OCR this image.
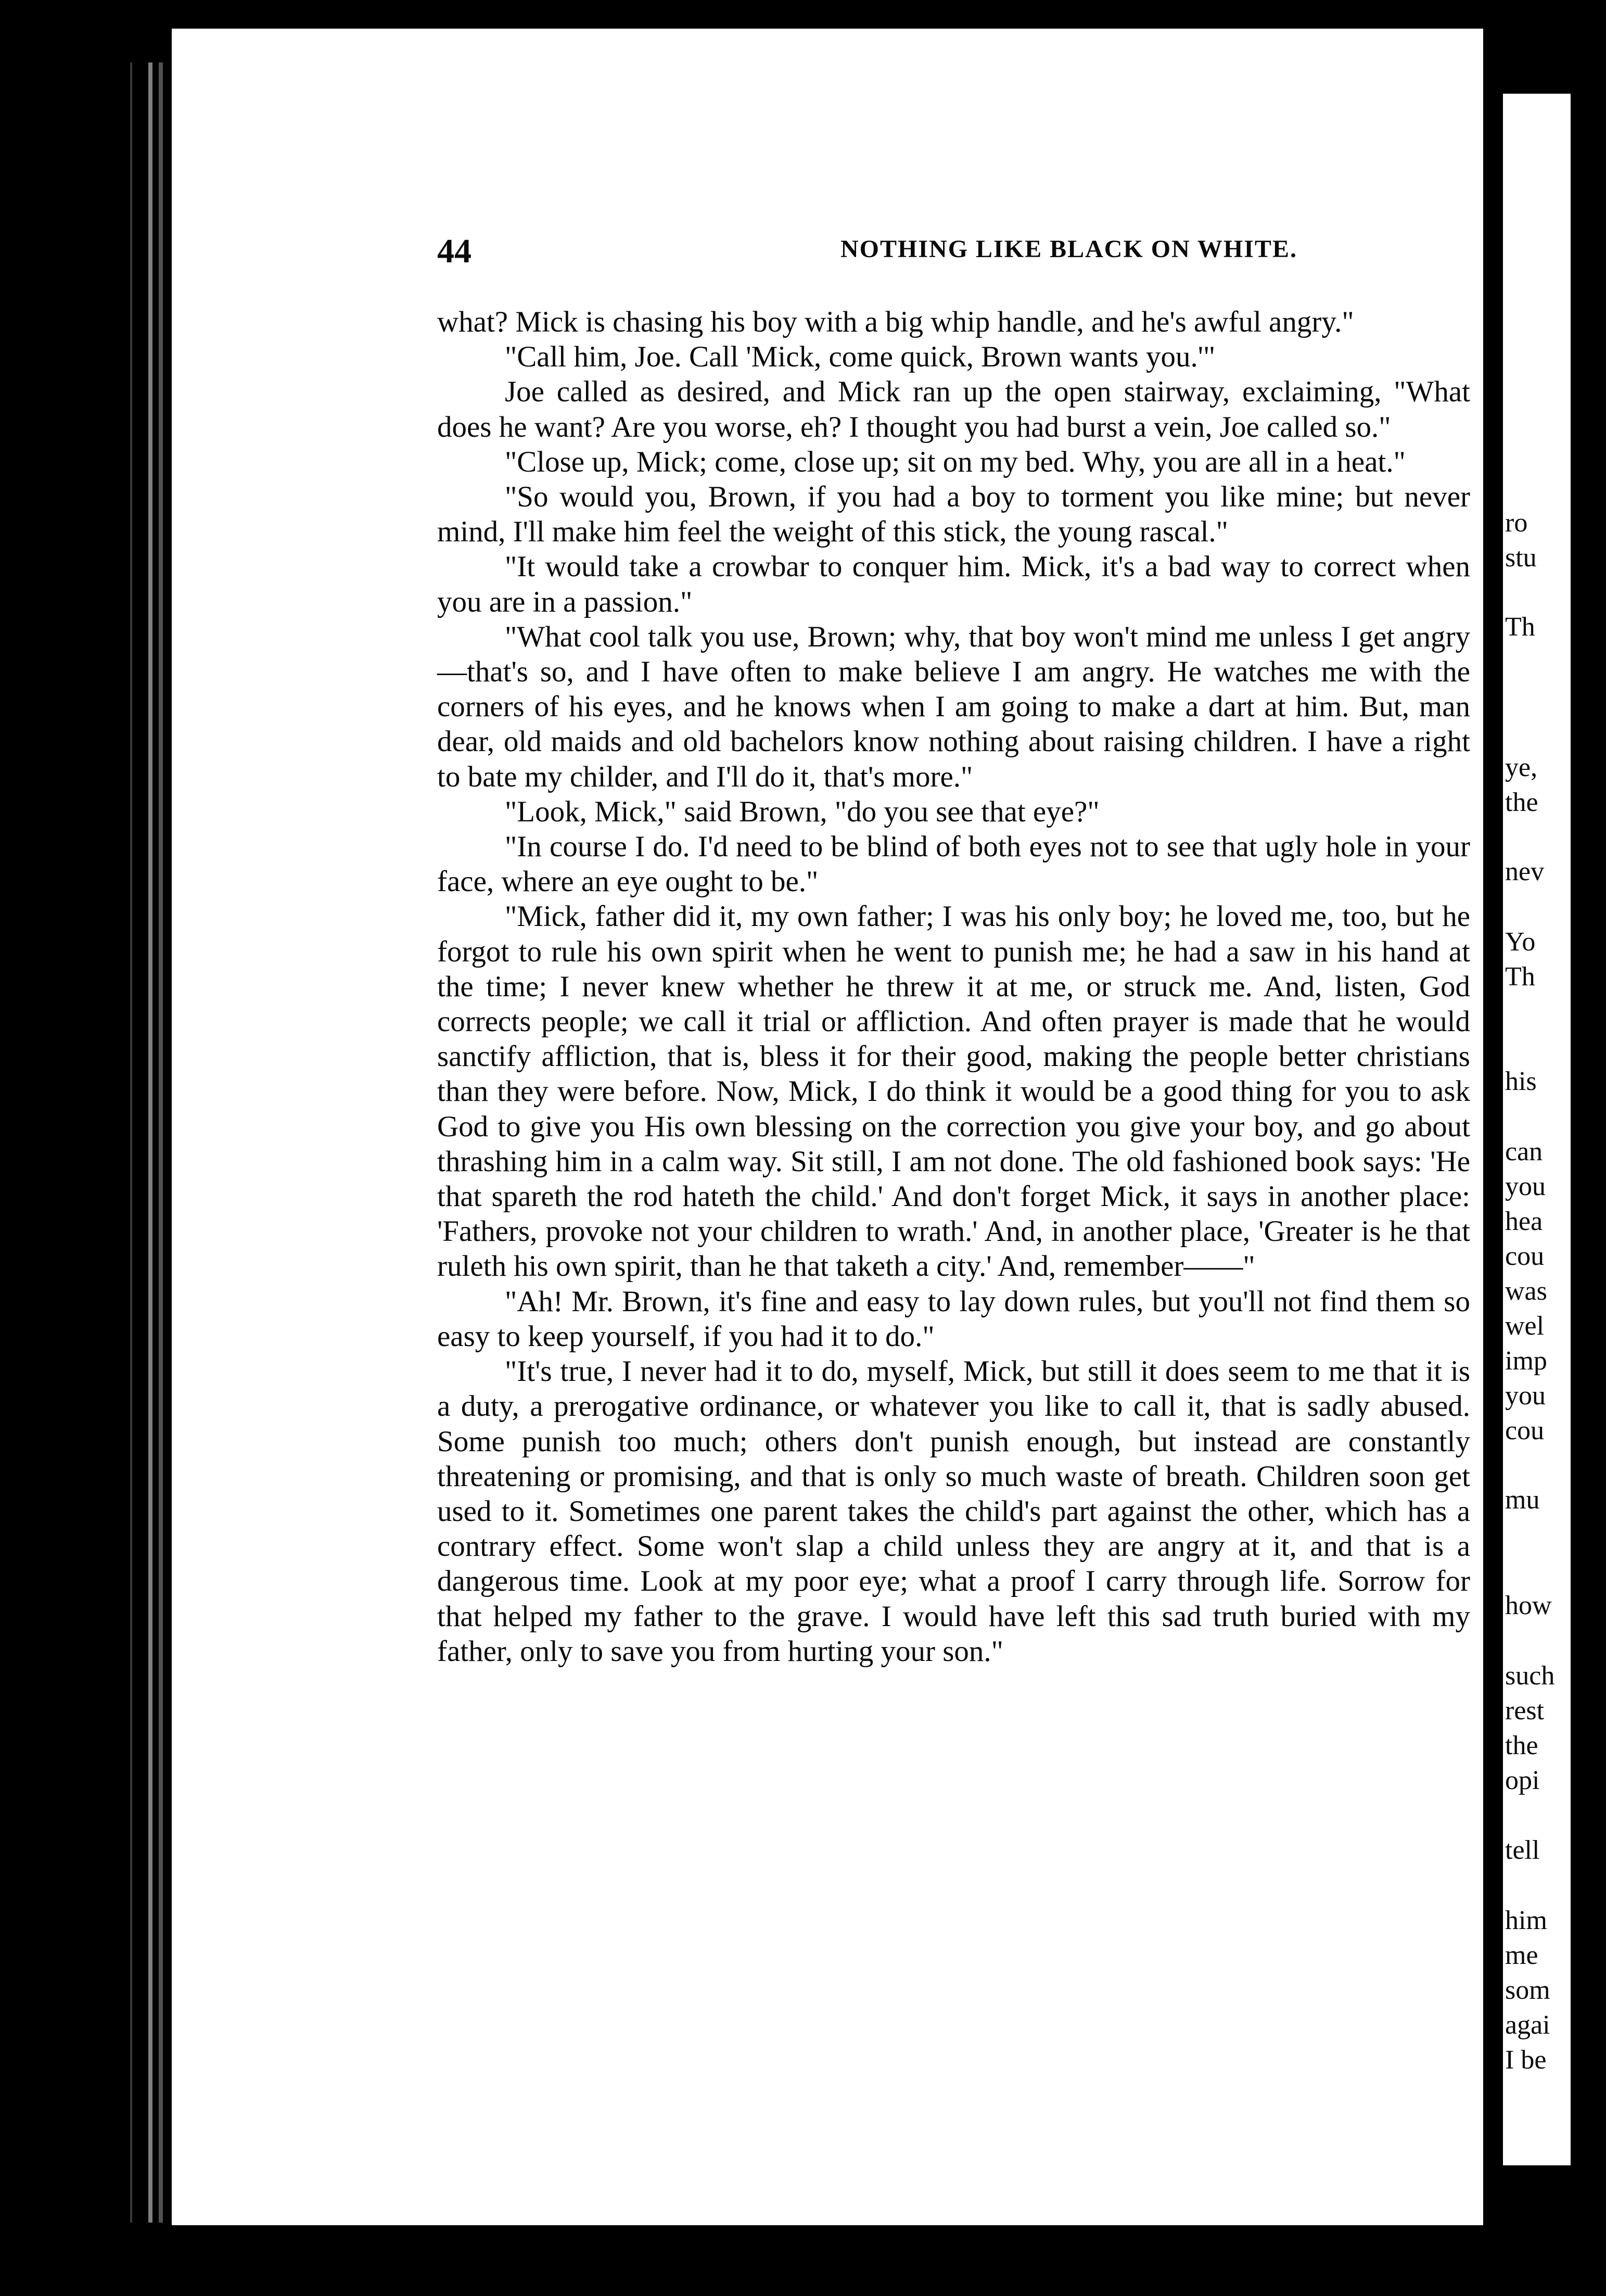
44	NOTHING LIKE BLACK ON WHITE.

what? Mick is chasing his boy with a big whip handle, and he's awful angry."

"Call him, Joe. Call 'Mick, come quick, Brown wants you.'"

Joe called as desired, and Mick ran up the open stairway, exclaiming, "What does he want? Are you worse, eh? I thought you had burst a vein, Joe called so."

"Close up, Mick; come, close up; sit on my bed. Why, you are all in a heat."

"So would you, Brown, if you had a boy to torment you like mine; but never mind, I'll make him feel the weight of this stick, the young rascal."

"It would take a crowbar to conquer him. Mick, it's a bad way to correct when you are in a passion."

"What cool talk you use, Brown; why, that boy won't mind me unless I get angry—that's so, and I have often to make believe I am angry. He watches me with the corners of his eyes, and he knows when I am going to make a dart at him. But, man dear, old maids and old bachelors know nothing about raising children. I have a right to bate my childer, and I'll do it, that's more."

"Look, Mick," said Brown, "do you see that eye?"

"In course I do. I'd need to be blind of both eyes not to see that ugly hole in your face, where an eye ought to be."

"Mick, father did it, my own father; I was his only boy; he loved me, too, but he forgot to rule his own spirit when he went to punish me; he had a saw in his hand at the time; I never knew whether he threw it at me, or struck me. And, listen, God corrects people; we call it trial or affliction. And often prayer is made that he would sanctify affliction, that is, bless it for their good, making the people better christians than they were before. Now, Mick, I do think it would be a good thing for you to ask God to give you His own blessing on the correction you give your boy, and go about thrashing him in a calm way. Sit still, I am not done. The old fashioned book says: 'He that spareth the rod hateth the child.' And don't forget Mick, it says in another place: 'Fathers, provoke not your children to wrath.' And, in another place, 'Greater is he that ruleth his own spirit, than he that taketh a city.' And, remember——"

"Ah! Mr. Brown, it's fine and easy to lay down rules, but you'll not find them so easy to keep yourself, if you had it to do."

"It's true, I never had it to do, myself, Mick, but still it does seem to me that it is a duty, a prerogative ordinance, or whatever you like to call it, that is sadly abused. Some punish too much; others don't punish enough, but instead are constantly threatening or promising, and that is only so much waste of breath. Children soon get used to it. Sometimes one parent takes the child's part against the other, which has a contrary effect. Some won't slap a child unless they are angry at it, and that is a dangerous time. Look at my poor eye; what a proof I carry through life. Sorrow for that helped my father to the grave. I would have left this sad truth buried with my father, only to save you from hurting your son."

ro
stu
Th
ye,
the
nev
Yo
Th
his
can
you
hea
cou
was
wel
imp
you
cou
mu
how
such
rest
the
opi
tell
him
me
som
agai
I be
